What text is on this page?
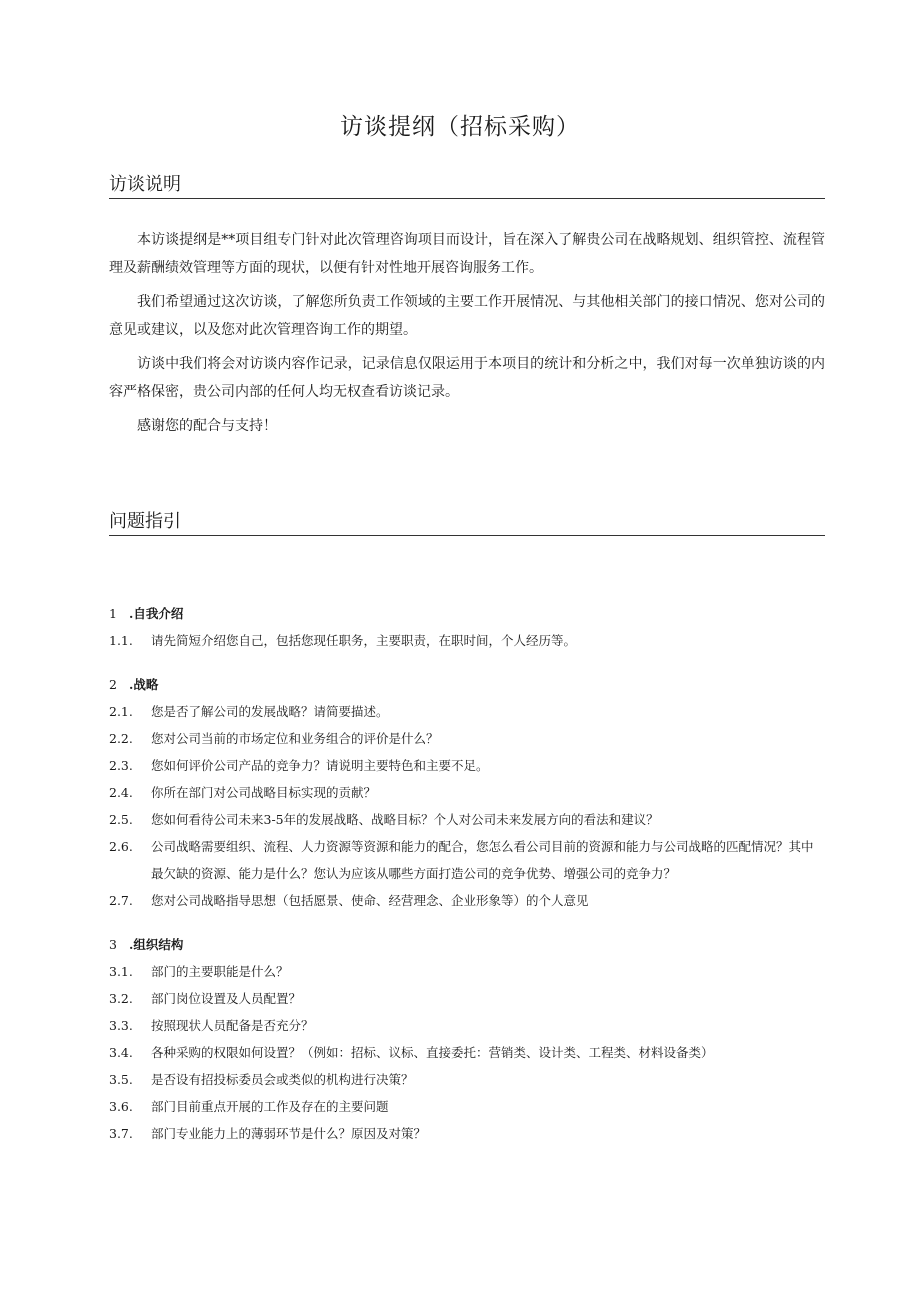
访谈提纲（招标采购）
访谈说明

本访谈提纲是**项目组专门针对此次管理咨询项目而设计，旨在深入了解贵公司在战略规划、组织管控、流程管理及薪酬绩效管理等方面的现状，以便有针对性地开展咨询服务工作。

我们希望通过这次访谈，了解您所负责工作领域的主要工作开展情况、与其他相关部门的接口情况、您对公司的意见或建议，以及您对此次管理咨询工作的期望。

访谈中我们将会对访谈内容作记录，记录信息仅限运用于本项目的统计和分析之中，我们对每一次单独访谈的内容严格保密，贵公司内部的任何人均无权查看访谈记录。

感谢您的配合与支持！

问题指引
1 .自我介绍
1.1.	请先简短介绍您自己，包括您现任职务，主要职责，在职时间，个人经历等。
2 .战略
2.1.	您是否了解公司的发展战略？请简要描述。
2.2.	您对公司当前的市场定位和业务组合的评价是什么？
2.3.	您如何评价公司产品的竞争力？请说明主要特色和主要不足。
2.4.	你所在部门对公司战略目标实现的贡献？
2.5.	您如何看待公司未来3-5年的发展战略、战略目标？个人对公司未来发展方向的看法和建议？
2.6.	公司战略需要组织、流程、人力资源等资源和能力的配合，您怎么看公司目前的资源和能力与公司战略的匹配情况？其中最欠缺的资源、能力是什么？您认为应该从哪些方面打造公司的竞争优势、增强公司的竞争力？
2.7.	您对公司战略指导思想（包括愿景、使命、经营理念、企业形象等）的个人意见
3 .组织结构
3.1.	部门的主要职能是什么？
3.2.	部门岗位设置及人员配置？
3.3.	按照现状人员配备是否充分？
3.4.	各种采购的权限如何设置？（例如：招标、议标、直接委托：营销类、设计类、工程类、材料设备类）
3.5.	是否设有招投标委员会或类似的机构进行决策？
3.6.	部门目前重点开展的工作及存在的主要问题
3.7.	部门专业能力上的薄弱环节是什么？原因及对策？
